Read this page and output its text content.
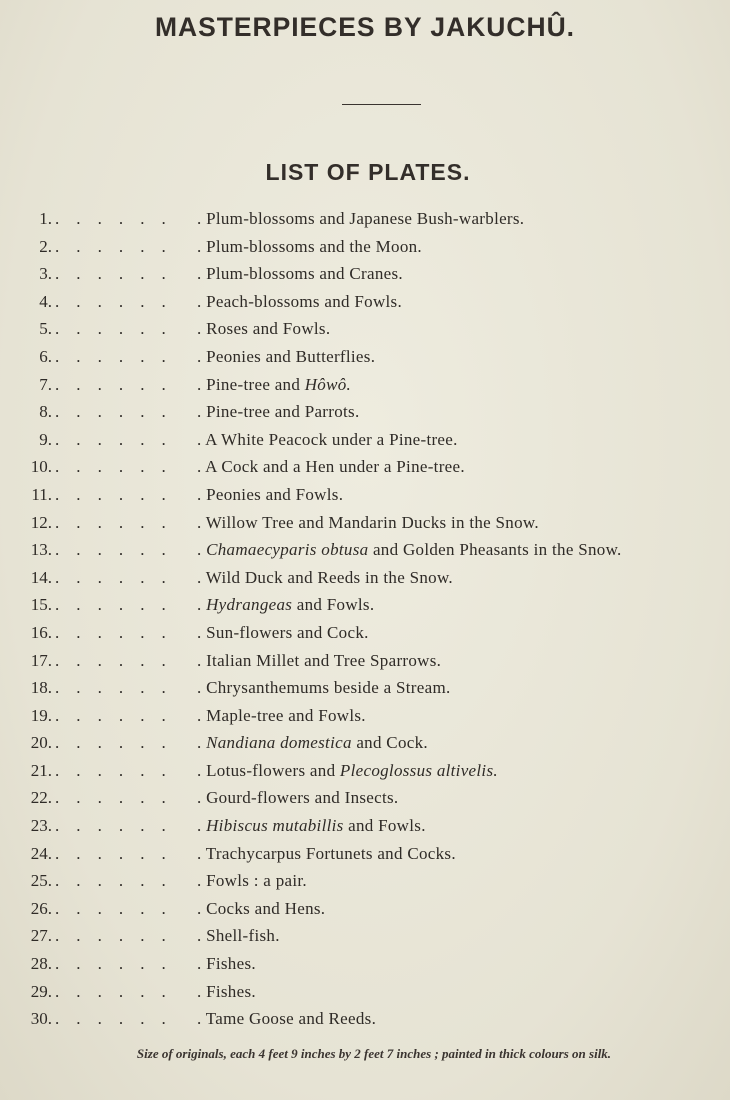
MASTERPIECES BY JAKUCHÛ.
LIST OF PLATES.
1. . . . . . . . Plum-blossoms and Japanese Bush-warblers.
2. . . . . . . . Plum-blossoms and the Moon.
3. . . . . . . . Plum-blossoms and Cranes.
4. . . . . . . . Peach-blossoms and Fowls.
5. . . . . . . . Roses and Fowls.
6. . . . . . . . Peonies and Butterflies.
7. . . . . . . . Pine-tree and Hôwô.
8. . . . . . . . Pine-tree and Parrots.
9. . . . . . . . A White Peacock under a Pine-tree.
10. . . . . . . . A Cock and a Hen under a Pine-tree.
11. . . . . . . . Peonies and Fowls.
12. . . . . . . . Willow Tree and Mandarin Ducks in the Snow.
13. . . . . . . . Chamaecyparis obtusa and Golden Pheasants in the Snow.
14. . . . . . . . Wild Duck and Reeds in the Snow.
15. . . . . . . . Hydrangeas and Fowls.
16. . . . . . . . Sun-flowers and Cock.
17. . . . . . . . Italian Millet and Tree Sparrows.
18. . . . . . . . Chrysanthemums beside a Stream.
19. . . . . . . . Maple-tree and Fowls.
20. . . . . . . . Nandiana domestica and Cock.
21. . . . . . . . Lotus-flowers and Plecoglossus altivelis.
22. . . . . . . . Gourd-flowers and Insects.
23. . . . . . . . Hibiscus mutabillis and Fowls.
24. . . . . . . . Trachycarpus Fortunets and Cocks.
25. . . . . . . . Fowls : a pair.
26. . . . . . . . Cocks and Hens.
27. . . . . . . . Shell-fish.
28. . . . . . . . Fishes.
29. . . . . . . . Fishes.
30. . . . . . . . Tame Goose and Reeds.
Size of originals, each 4 feet 9 inches by 2 feet 7 inches ; painted in thick colours on silk.
